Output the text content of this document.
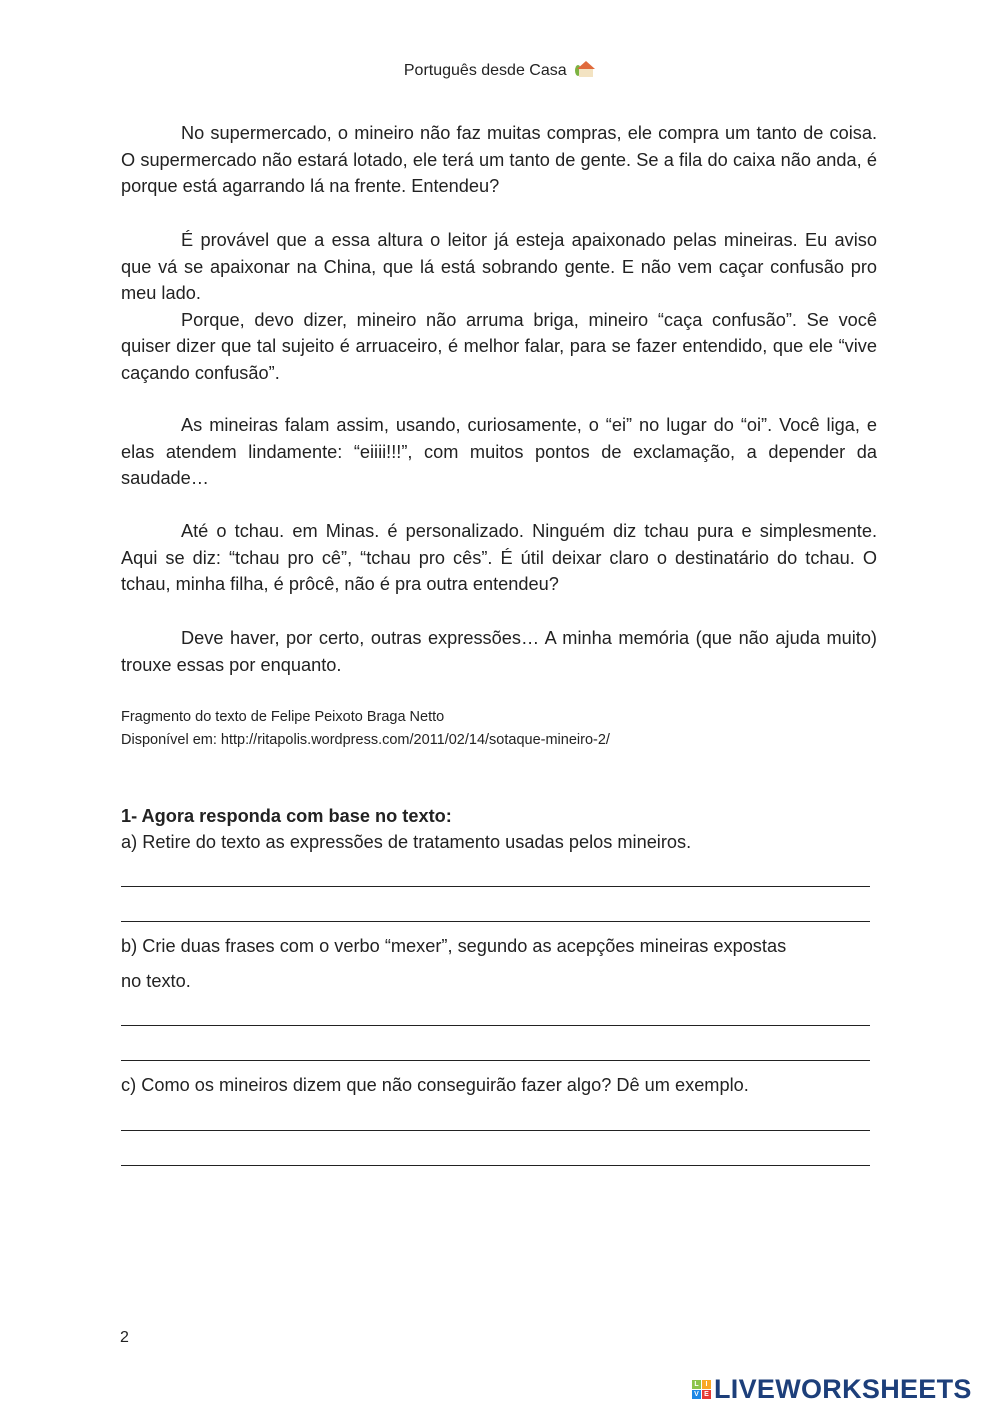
Português desde Casa

No supermercado, o mineiro não faz muitas compras, ele compra um tanto de coisa. O supermercado não estará lotado, ele terá um tanto de gente. Se a fila do caixa não anda, é porque está agarrando lá na frente. Entendeu?

É provável que a essa altura o leitor já esteja apaixonado pelas mineiras. Eu aviso que vá se apaixonar na China, que lá está sobrando gente. E não vem caçar confusão pro meu lado.

Porque, devo dizer, mineiro não arruma briga, mineiro “caça confusão”. Se você quiser dizer que tal sujeito é arruaceiro, é melhor falar, para se fazer entendido, que ele “vive caçando confusão”.

As mineiras falam assim, usando, curiosamente, o “ei” no lugar do “oi”. Você liga, e elas atendem lindamente: “eiiii!!!”, com muitos pontos de exclamação, a depender da saudade…

Até o tchau. em Minas. é personalizado. Ninguém diz tchau pura e simplesmente. Aqui se diz: “tchau pro cê”, “tchau pro cês”. É útil deixar claro o destinatário do tchau. O tchau, minha filha, é prôcê, não é pra outra entendeu?

Deve haver, por certo, outras expressões… A minha memória (que não ajuda muito) trouxe essas por enquanto.

Fragmento do texto de Felipe Peixoto Braga Netto
Disponível em: http://ritapolis.wordpress.com/2011/02/14/sotaque-mineiro-2/
1- Agora responda com base no texto:
a) Retire do texto as expressões de tratamento usadas pelos mineiros.
b) Crie duas frases com o verbo “mexer”, segundo as acepções mineiras expostas
no texto.
c) Como os mineiros dizem que não conseguirão fazer algo? Dê um exemplo.
2
L I
V E LIVEWORKSHEETS
